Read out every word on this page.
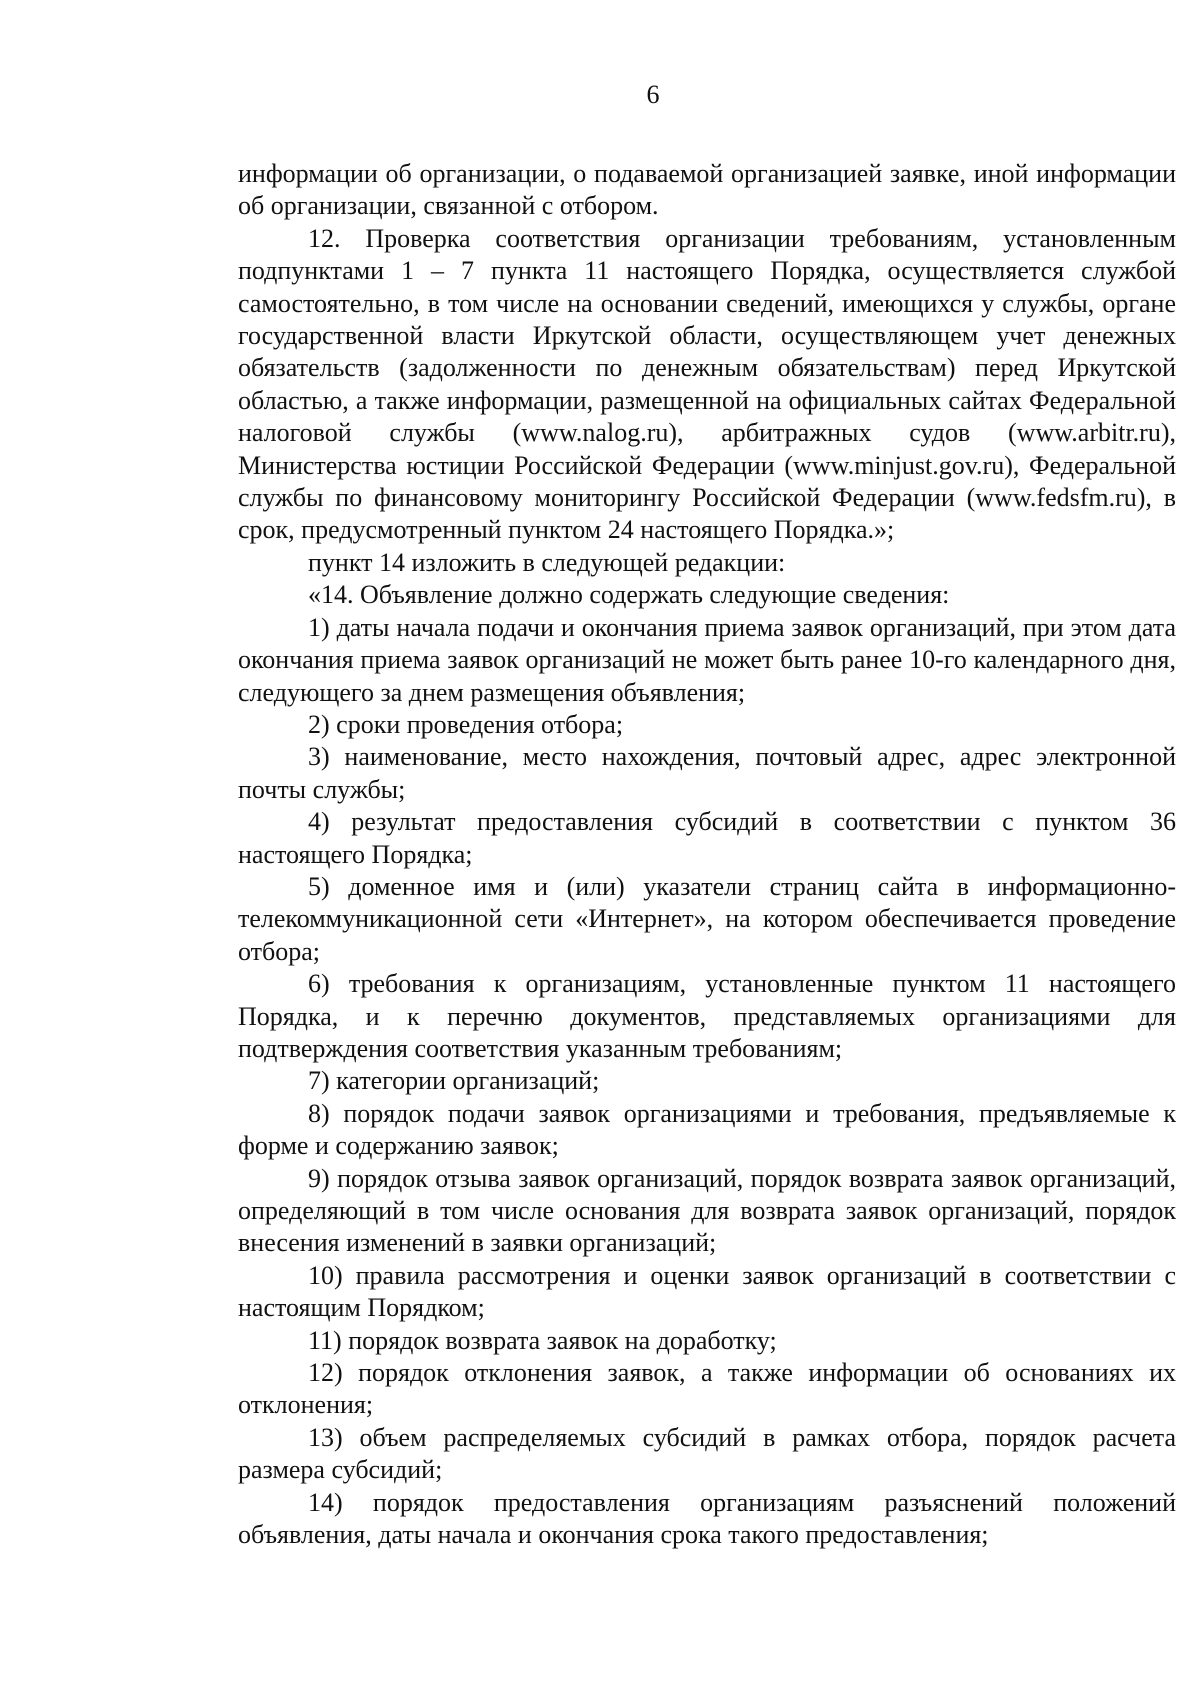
6

информации об организации, о подаваемой организацией заявке, иной информации об организации, связанной с отбором.

12. Проверка соответствия организации требованиям, установленным подпунктами 1 – 7 пункта 11 настоящего Порядка, осуществляется службой самостоятельно, в том числе на основании сведений, имеющихся у службы, органе государственной власти Иркутской области, осуществляющем учет денежных обязательств (задолженности по денежным обязательствам) перед Иркутской областью, а также информации, размещенной на официальных сайтах Федеральной налоговой службы (www.nalog.ru), арбитражных судов (www.arbitr.ru), Министерства юстиции Российской Федерации (www.minjust.gov.ru), Федеральной службы по финансовому мониторингу Российской Федерации (www.fedsfm.ru), в срок, предусмотренный пунктом 24 настоящего Порядка.»;

пункт 14 изложить в следующей редакции:

«14. Объявление должно содержать следующие сведения:

1) даты начала подачи и окончания приема заявок организаций, при этом дата окончания приема заявок организаций не может быть ранее 10-го календарного дня, следующего за днем размещения объявления;

2) сроки проведения отбора;

3) наименование, место нахождения, почтовый адрес, адрес электронной почты службы;

4) результат предоставления субсидий в соответствии с пунктом 36 настоящего Порядка;

5) доменное имя и (или) указатели страниц сайта в информационно-телекоммуникационной сети «Интернет», на котором обеспечивается проведение отбора;

6) требования к организациям, установленные пунктом 11 настоящего Порядка, и к перечню документов, представляемых организациями для подтверждения соответствия указанным требованиям;

7) категории организаций;

8) порядок подачи заявок организациями и требования, предъявляемые к форме и содержанию заявок;

9) порядок отзыва заявок организаций, порядок возврата заявок организаций, определяющий в том числе основания для возврата заявок организаций, порядок внесения изменений в заявки организаций;

10) правила рассмотрения и оценки заявок организаций в соответствии с настоящим Порядком;

11) порядок возврата заявок на доработку;

12) порядок отклонения заявок, а также информации об основаниях их отклонения;

13) объем распределяемых субсидий в рамках отбора, порядок расчета размера субсидий;

14) порядок предоставления организациям разъяснений положений объявления, даты начала и окончания срока такого предоставления;
